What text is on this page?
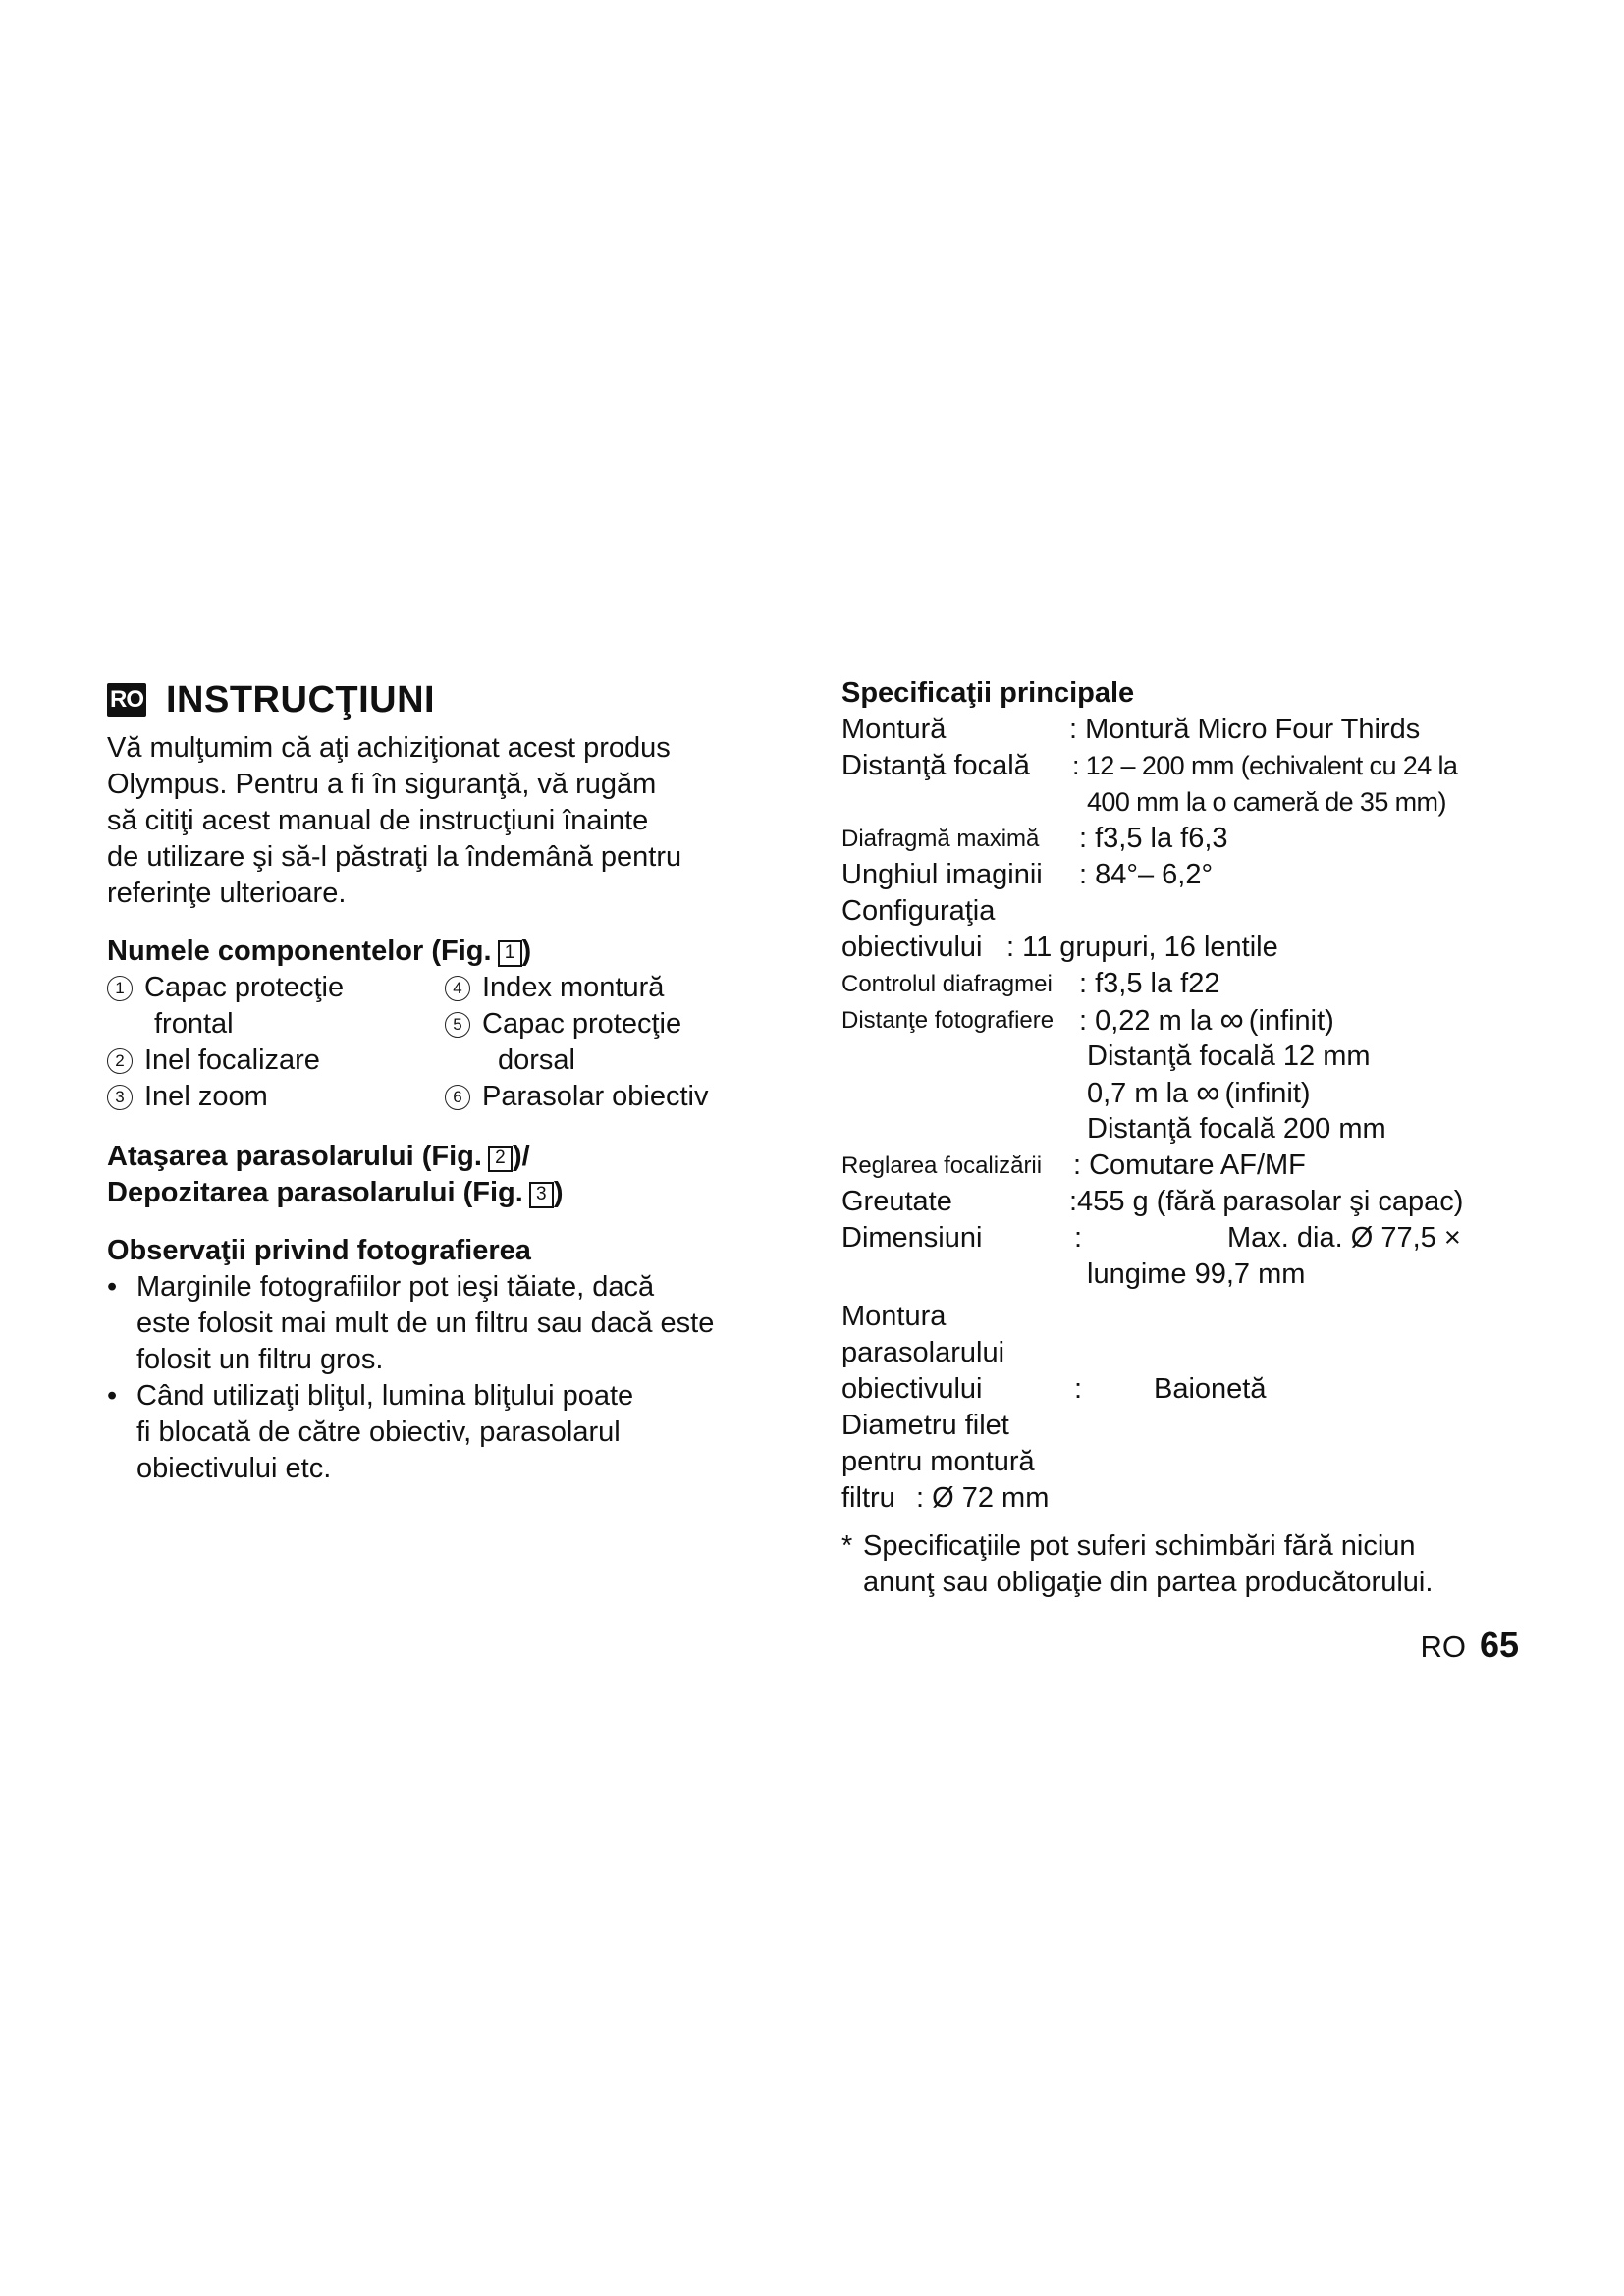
RO INSTRUCŢIUNI
Vă mulţumim că aţi achiziţionat acest produs
Olympus. Pentru a fi în siguranţă, vă rugăm
să citiţi acest manual de instrucţiuni înainte
de utilizare şi să-l păstraţi la îndemână pentru
referinţe ulterioare.
Numele componentelor (Fig. 1 )
1 Capac protecţie
frontal
2 Inel focalizare
3 Inel zoom
4 Index montură
5 Capac protecţie
dorsal
6 Parasolar obiectiv
Ataşarea parasolarului (Fig. 2 )/
Depozitarea parasolarului (Fig. 3 )
Observaţii privind fotografierea
• Marginile fotografiilor pot ieşi tăiate, dacă
este folosit mai mult de un filtru sau dacă este
folosit un filtru gros.
• Când utilizaţi bliţul, lumina bliţului poate
fi blocată de către obiectiv, parasolarul
obiectivului etc.
Specificaţii principale
Montură	: Montură Micro Four Thirds
Distanţă focală : 12 – 200 mm (echivalent cu 24 la
400 mm la o cameră de 35 mm)
Diafragmă maximă : f3,5 la f6,3
Unghiul imaginii : 84°– 6,2°
Configuraţia
obiectivului : 11 grupuri, 16 lentile
Controlul diafragmei : f3,5 la f22
Distanţe fotografiere : 0,22 m la ∞ (infinit)
Distanţă focală 12 mm
0,7 m la ∞ (infinit)
Distanţă focală 200 mm
Reglarea focalizării : Comutare AF/MF
Greutate	:455 g (fără parasolar şi capac)
Dimensiuni	:	Max. dia. Ø 77,5 ×
lungime 99,7 mm
Montura
parasolarului
obiectivului	:	Baionetă
Diametru filet
pentru montură
filtru : Ø 72 mm
* Specificaţiile pot suferi schimbări fără niciun
anunţ sau obligaţie din partea producătorului.
RO 65
